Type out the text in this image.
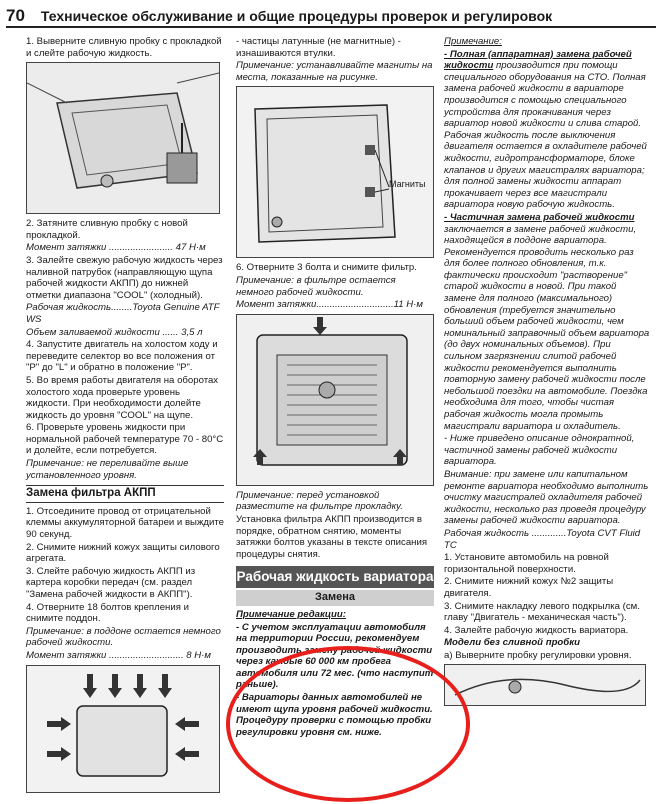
70 Техническое обслуживание и общие процедуры проверок и регулировок

1. Выверните сливную пробку с прокладкой и слейте рабочую жидкость.

2. Затяните сливную пробку с новой прокладкой.

Момент затяжки ........................ 47 Н·м

3. Залейте свежую рабочую жидкость через наливной патрубок (направляющую щупа рабочей жидкости АКПП) до нижней отметки диапазона "COOL" (холодный).

Рабочая жидкость........Toyota Genuine ATF WS

Объем заливаемой жидкости ...... 3,5 л

4. Запустите двигатель на холостом ходу и переведите селектор во все положения от "P" до "L" и обратно в положение "P".

5. Во время работы двигателя на оборотах холостого хода проверьте уровень жидкости. При необходимости долейте жидкость до уровня "COOL" на щупе.

6. Проверьте уровень жидкости при нормальной рабочей температуре 70 - 80°С и долейте, если потребуется.

Примечание: не переливайте выше установленного уровня.

Замена фильтра АКПП

1. Отсоедините провод от отрицательной клеммы аккумуляторной батареи и выждите 90 секунд.

2. Снимите нижний кожух защиты силового агрегата.

3. Слейте рабочую жидкость АКПП из картера коробки передач (см. раздел "Замена рабочей жидкости в АКПП").

4. Отверните 18 болтов крепления и снимите поддон.

Примечание: в поддоне остается немного рабочей жидкости.

Момент затяжки ............................ 8 Н·м

- частицы латунные (не магнитные) - изнашиваются втулки.

Примечание: устанавливайте магниты на места, показанные на рисунке.

Магниты

6. Отверните 3 болта и снимите фильтр.

Примечание: в фильтре остается немного рабочей жидкости.

Момент затяжки.............................11 Н·м

Примечание: перед установкой разместите на фильтре прокладку.

Установка фильтра АКПП производится в порядке, обратном снятию, моменты затяжки болтов указаны в тексте описания процедуры снятия.

Рабочая жидкость вариатора
Замена

Примечание редакции:

- С учетом эксплуатации автомобиля на территории России, рекомендуем производить замену рабочей жидкости через каждые 60 000 км пробега автомобиля или 72 мес. (что наступит раньше).

- Вариаторы данных автомобилей не имеют щупа уровня рабочей жидкости. Процедуру проверки с помощью пробки регулировки уровня см. ниже.

Примечание:

- Полная (аппаратная) замена рабочей жидкости производится при помощи специального оборудования на СТО. Полная замена рабочей жидкости в вариаторе производится с помощью специального устройства для прокачивания через вариатор новой жидкости и слива старой. Рабочая жидкость после выключения двигателя остается в охладителе рабочей жидкости, гидротрансформаторе, блоке клапанов и других магистралях вариатора; для полной замены жидкости аппарат прокачивает через все магистрали вариатора новую рабочую жидкость.

- Частичная замена рабочей жидкости заключается в замене рабочей жидкости, находящейся в поддоне вариатора. Рекомендуется проводить несколько раз для более полного обновления, т.к. фактически происходит "растворение" старой жидкости в новой. При такой замене для полного (максимального) обновления (требуется значительно больший объем рабочей жидкости, чем номинальный заправочный объем вариатора (до двух номинальных объемов). При сильном загрязнении слитой рабочей жидкости рекомендуется выполнить повторную замену рабочей жидкости после небольшой поездки на автомобиле. Поездка необходима для того, чтобы чистая рабочая жидкость могла промыть магистрали вариатора и охладитель.

- Ниже приведено описание однократной, частичной замены рабочей жидкости вариатора.

Внимание: при замене или капитальном ремонте вариатора необходимо выполнить очистку магистралей охладителя рабочей жидкости, несколько раз проведя процедуру замены рабочей жидкости вариатора.

Рабочая жидкость .............Toyota CVT Fluid TC

1. Установите автомобиль на ровной горизонтальной поверхности.

2. Снимите нижний кожух №2 защиты двигателя.

3. Снимите накладку левого подкрылка (см. главу "Двигатель - механическая часть").

4. Залейте рабочую жидкость вариатора.

Модели без сливной пробки

а) Выверните пробку регулировки уровня.
